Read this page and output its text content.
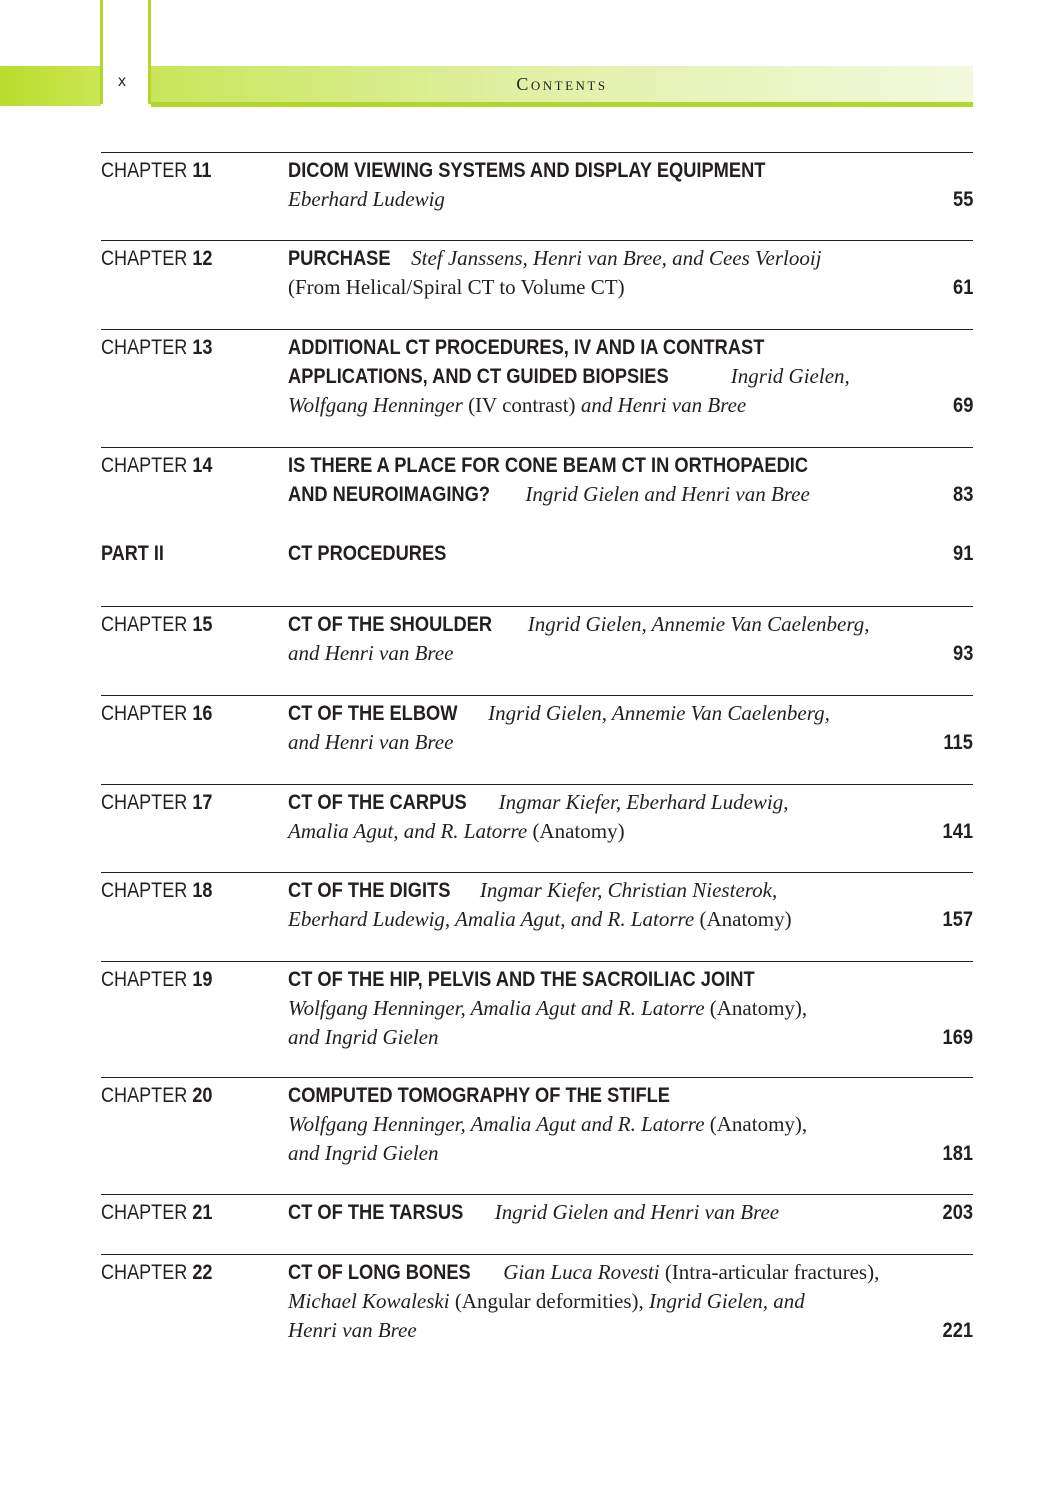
x	Contents
CHAPTER 11	DICOM VIEWING SYSTEMS AND DISPLAY EQUIPMENT
Eberhard Ludewig	55
CHAPTER 12	PURCHASE Stef Janssens, Henri van Bree, and Cees Verlooij
(From Helical/Spiral CT to Volume CT)	61
CHAPTER 13	ADDITIONAL CT PROCEDURES, IV AND IA CONTRAST
APPLICATIONS, AND CT GUIDED BIOPSIES	Ingrid Gielen,
Wolfgang Henninger (IV contrast) and Henri van Bree	69
CHAPTER 14	IS THERE A PLACE FOR CONE BEAM CT IN ORTHOPAEDIC
AND NEUROIMAGING? Ingrid Gielen and Henri van Bree	83
PART II	CT PROCEDURES	91
CHAPTER 15	CT OF THE SHOULDER Ingrid Gielen, Annemie Van Caelenberg,
and Henri van Bree	93
CHAPTER 16	CT OF THE ELBOW Ingrid Gielen, Annemie Van Caelenberg,
and Henri van Bree	115
CHAPTER 17	CT OF THE CARPUS Ingmar Kiefer, Eberhard Ludewig,
Amalia Agut, and R. Latorre (Anatomy)	141
CHAPTER 18	CT OF THE DIGITS Ingmar Kiefer, Christian Niesterok,
Eberhard Ludewig, Amalia Agut, and R. Latorre (Anatomy)	157
CHAPTER 19	CT OF THE HIP, PELVIS AND THE SACROILIAC JOINT
Wolfgang Henninger, Amalia Agut and R. Latorre (Anatomy),
and Ingrid Gielen	169
CHAPTER 20	COMPUTED TOMOGRAPHY OF THE STIFLE
Wolfgang Henninger, Amalia Agut and R. Latorre (Anatomy),
and Ingrid Gielen	181
CHAPTER 21	CT OF THE TARSUS Ingrid Gielen and Henri van Bree	203
CHAPTER 22	CT OF LONG BONES Gian Luca Rovesti (Intra-articular fractures),
Michael Kowaleski (Angular deformities), Ingrid Gielen, and
Henri van Bree	221
